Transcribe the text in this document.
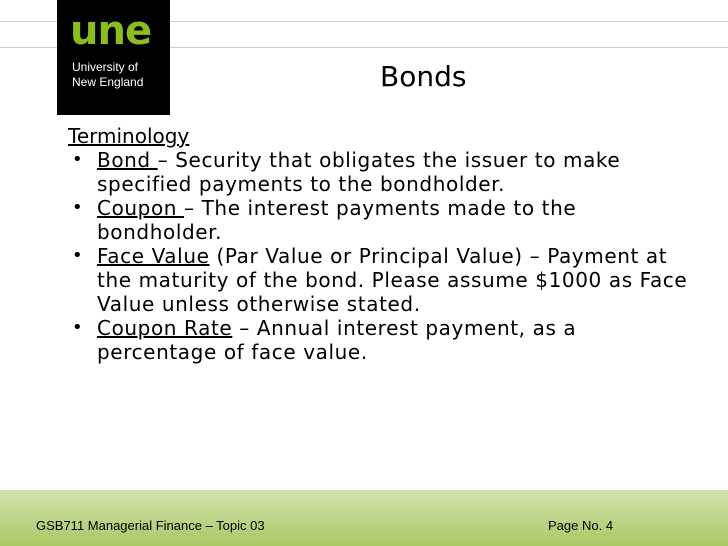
une
University of
New England	Bonds
Terminology
• Bond – Security that obligates the issuer to make specified payments to the bondholder.
• Coupon – The interest payments made to the bondholder.
• Face Value (Par Value or Principal Value) – Payment at the maturity of the bond. Please assume $1000 as Face Value unless otherwise stated.
• Coupon Rate – Annual interest payment, as a percentage of face value.
GSB711 Managerial Finance – Topic 03	Page No. 4
